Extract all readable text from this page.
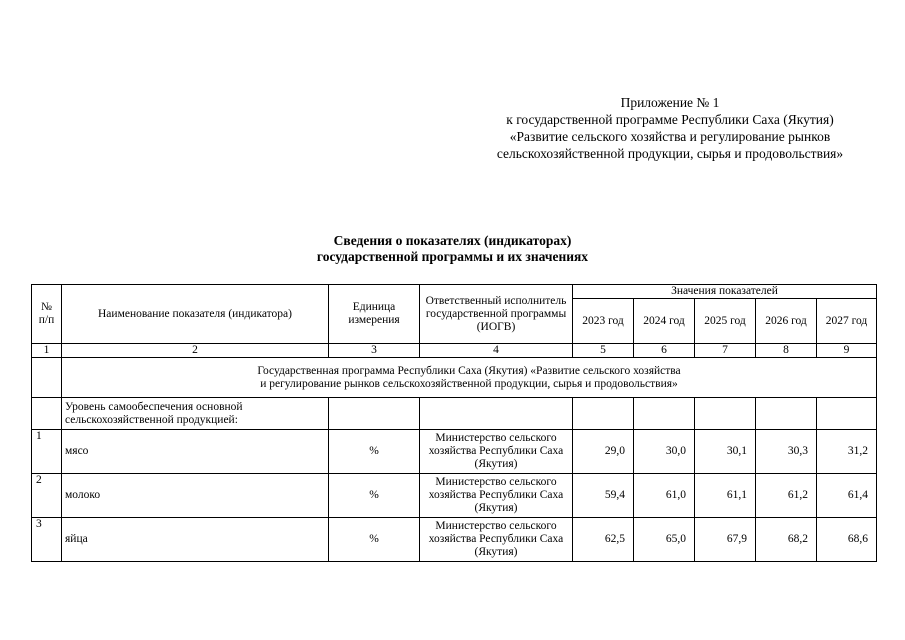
Приложение № 1
к государственной программе Республики Саха (Якутия)
«Развитие сельского хозяйства и регулирование рынков
сельскохозяйственной продукции, сырья и продовольствия»
Сведения о показателях (индикаторах)
государственной программы и их значениях
№ п/п	Наименование показателя (индикатора)	Единица измерения	Ответственный исполнитель государственной программы (ИОГВ)	Значения показателей				
				2023 год	2024 год	2025 год	2026 год	2027 год
1	2	3	4	5	6	7	8	9

	Государственная программа Республики Саха (Якутия) «Развитие сельского хозяйства
и регулирование рынков сельскохозяйственной продукции, сырья и продовольствия»							

	Уровень самообеспечения основной сельскохозяйственной продукцией:							
1	мясо	%	Министерство сельского хозяйства Республики Саха (Якутия)	29,0	30,0	30,1	30,3	31,2
2	молоко	%	Министерство сельского хозяйства Республики Саха (Якутия)	59,4	61,0	61,1	61,2	61,4
3	яйца	%	Министерство сельского хозяйства Республики Саха (Якутия)	62,5	65,0	67,9	68,2	68,6
